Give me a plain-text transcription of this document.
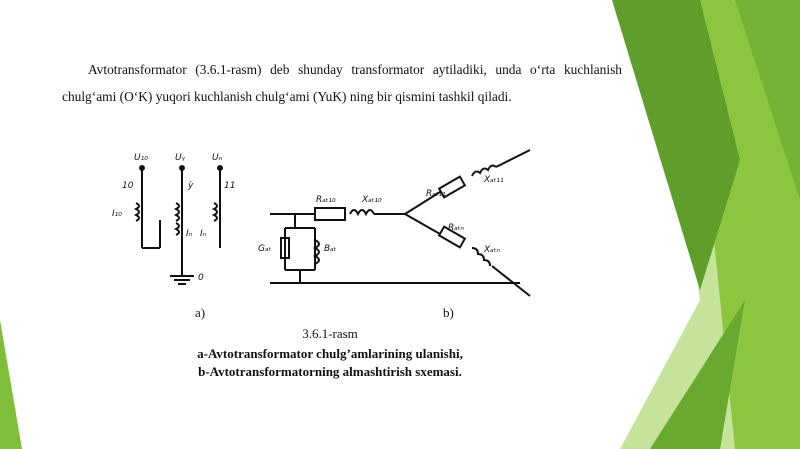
Avtotransformator (3.6.1-rasm) deb shunday transformator aytiladiki, unda o‘rta kuchlanish chulg‘ami (O‘K) yuqori kuchlanish chulg‘ami (YuK) ning bir qismini tashkil qiladi.
U₁₀	Uᵧ	Uₙ
10	ỳ	11
0
I₁₀
Iₙ Iₙ
Rₐₜ₁₀	Xₐₜ₁₀
Rₐₜ₁₁
Xₐₜ₁₁
Rₐₜₙ
Xₐₜₙ
Gₐₜ	Bₐₜ
a)	b)
3.6.1-rasm
a-Avtotransformator chulg’amlarining ulanishi,
b-Avtotransformatorning almashtirish sxemasi.
